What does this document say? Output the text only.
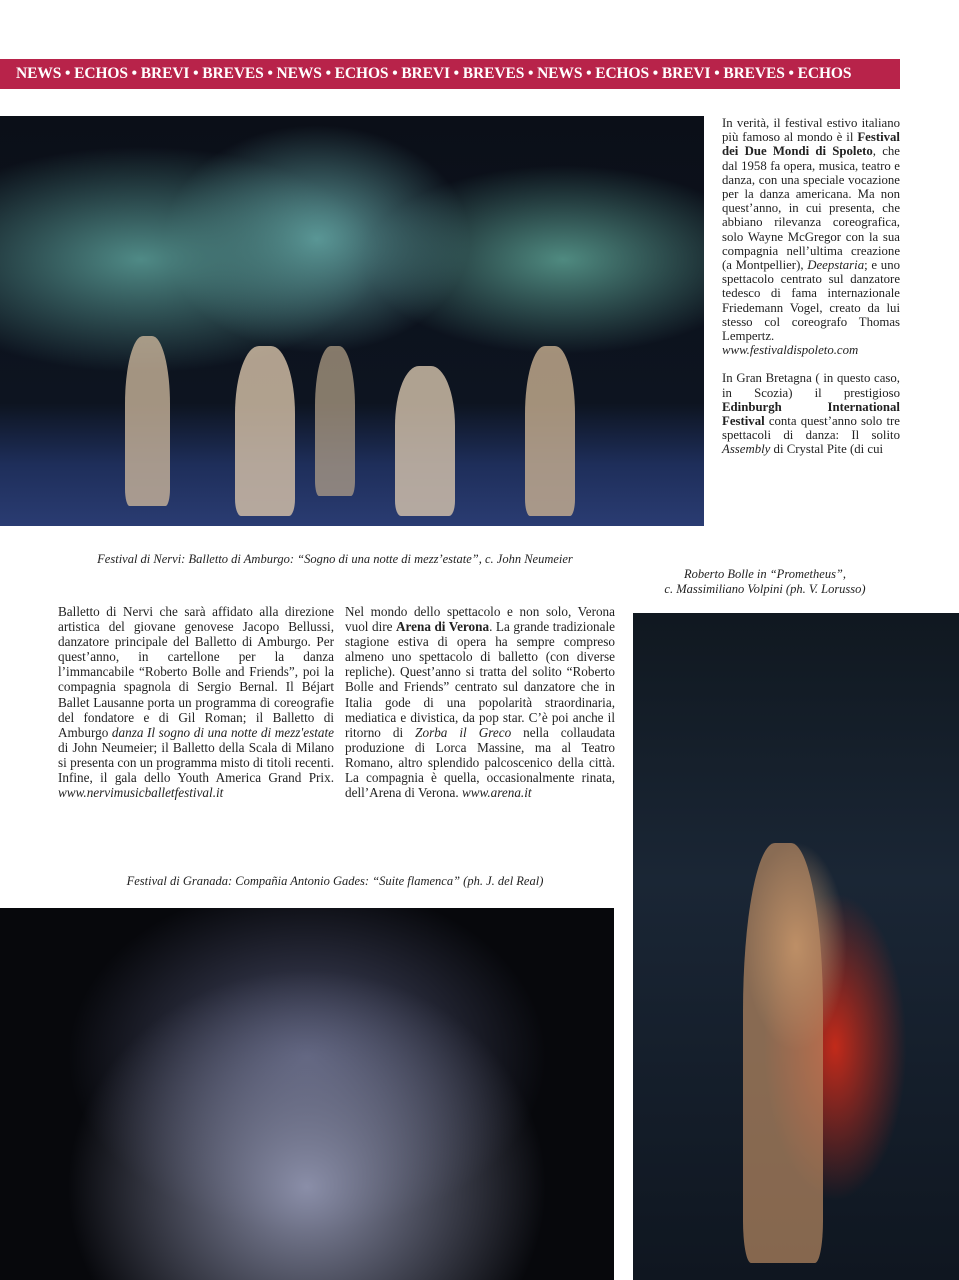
NEWS • ECHOS • BREVI • BREVES • NEWS • ECHOS • BREVI • BREVES • NEWS • ECHOS • BREVI • BREVES • ECHOS

In verità, il festival estivo italiano più famoso al mondo è il Festival dei Due Mondi di Spoleto, che dal 1958 fa opera, musica, teatro e danza, con una speciale vocazione per la danza americana. Ma non quest’anno, in cui presenta, che abbiano rilevanza coreografica, solo Wayne McGregor con la sua compagnia nell’ultima creazione (a Montpellier), Deepstaria; e uno spettacolo centrato sul danzatore tedesco di fama internazionale Friedemann Vogel, creato da lui stesso col coreografo Thomas Lempertz. www.festivaldispoleto.com

In Gran Bretagna ( in questo caso, in Scozia) il prestigioso Edinburgh International Festival conta quest’anno solo tre spettacoli di danza: Il solito Assembly di Crystal Pite (di cui

Festival di Nervi: Balletto di Amburgo: “Sogno di una notte di mezz’estate”, c. John Neumeier
Roberto Bolle in “Prometheus”,
c. Massimiliano Volpini (ph. V. Lorusso)

Balletto di Nervi che sarà affidato alla direzione artistica del giovane genovese Jacopo Bellussi, danzatore principale del Balletto di Amburgo. Per quest’anno, in cartellone per la danza l’immancabile “Roberto Bolle and Friends”, poi la compagnia spagnola di Sergio Bernal. Il Béjart Ballet Lausanne porta un programma di coreografie del fondatore e di Gil Roman; il Balletto di Amburgo danza Il sogno di una notte di mezz'estate di John Neumeier; il Balletto della Scala di Milano si presenta con un programma misto di titoli recenti. Infine, il gala dello Youth America Grand Prix. www.nervimusicballetfestival.it

Nel mondo dello spettacolo e non solo, Verona vuol dire Arena di Verona. La grande tradizionale stagione estiva di opera ha sempre compreso almeno uno spettacolo di balletto (con diverse repliche). Quest’anno si tratta del solito “Roberto Bolle and Friends” centrato sul danzatore che in Italia gode di una popolarità straordinaria, mediatica e divistica, da pop star. C’è poi anche il ritorno di Zorba il Greco nella collaudata produzione di Lorca Massine, ma al Teatro Romano, altro splendido palcoscenico della città. La compagnia è quella, occasionalmente rinata, dell’Arena di Verona. www.arena.it

Festival di Granada: Compañia Antonio Gades: “Suite flamenca” (ph. J. del Real)
